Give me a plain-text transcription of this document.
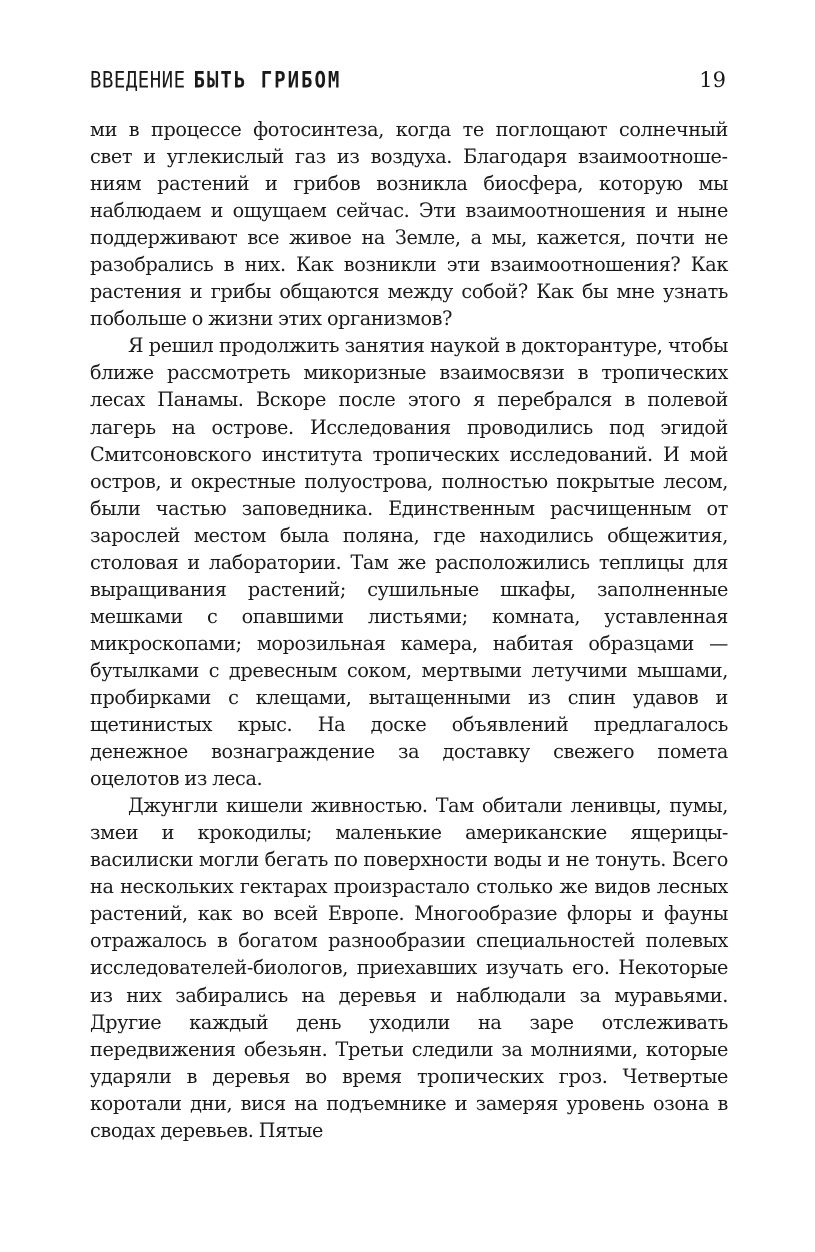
ВВЕДЕНИЕ БЫТЬ ГРИБОМ	19

ми в процессе фотосинтеза, когда те поглощают солнечный свет и углекислый газ из воздуха. Благодаря взаимоотношениям растений и грибов возникла биосфера, которую мы наблюдаем и ощущаем сейчас. Эти взаимоотношения и ныне поддерживают все живое на Земле, а мы, кажется, почти не разобрались в них. Как возникли эти взаимоотношения? Как растения и грибы общаются между собой? Как бы мне узнать побольше о жизни этих организмов?

Я решил продолжить занятия наукой в докторантуре, чтобы ближе рассмотреть микоризные взаимосвязи в тропических лесах Панамы. Вскоре после этого я перебрался в полевой лагерь на острове. Исследования проводились под эгидой Смитсоновского института тропических исследований. И мой остров, и окрестные полуострова, полностью покрытые лесом, были частью заповедника. Единственным расчищенным от зарослей местом была поляна, где находились общежития, столовая и лаборатории. Там же расположились теплицы для выращивания растений; сушильные шкафы, заполненные мешками с опавшими листьями; комната, уставленная микроскопами; морозильная камера, набитая образцами — бутылками с древесным соком, мертвыми летучими мышами, пробирками с клещами, вытащенными из спин удавов и щетинистых крыс. На доске объявлений предлагалось денежное вознаграждение за доставку свежего помета оцелотов из леса.

Джунгли кишели живностью. Там обитали ленивцы, пумы, змеи и крокодилы; маленькие американские ящерицы-василиски могли бегать по поверхности воды и не тонуть. Всего на нескольких гектарах произрастало столько же видов лесных растений, как во всей Европе. Многообразие флоры и фауны отражалось в богатом разнообразии специальностей полевых исследователей-биологов, приехавших изучать его. Некоторые из них забирались на деревья и наблюдали за муравьями. Другие каждый день уходили на заре отслеживать передвижения обезьян. Третьи следили за молниями, которые ударяли в деревья во время тропических гроз. Четвертые коротали дни, вися на подъемнике и замеряя уровень озона в сводах деревьев. Пятые
